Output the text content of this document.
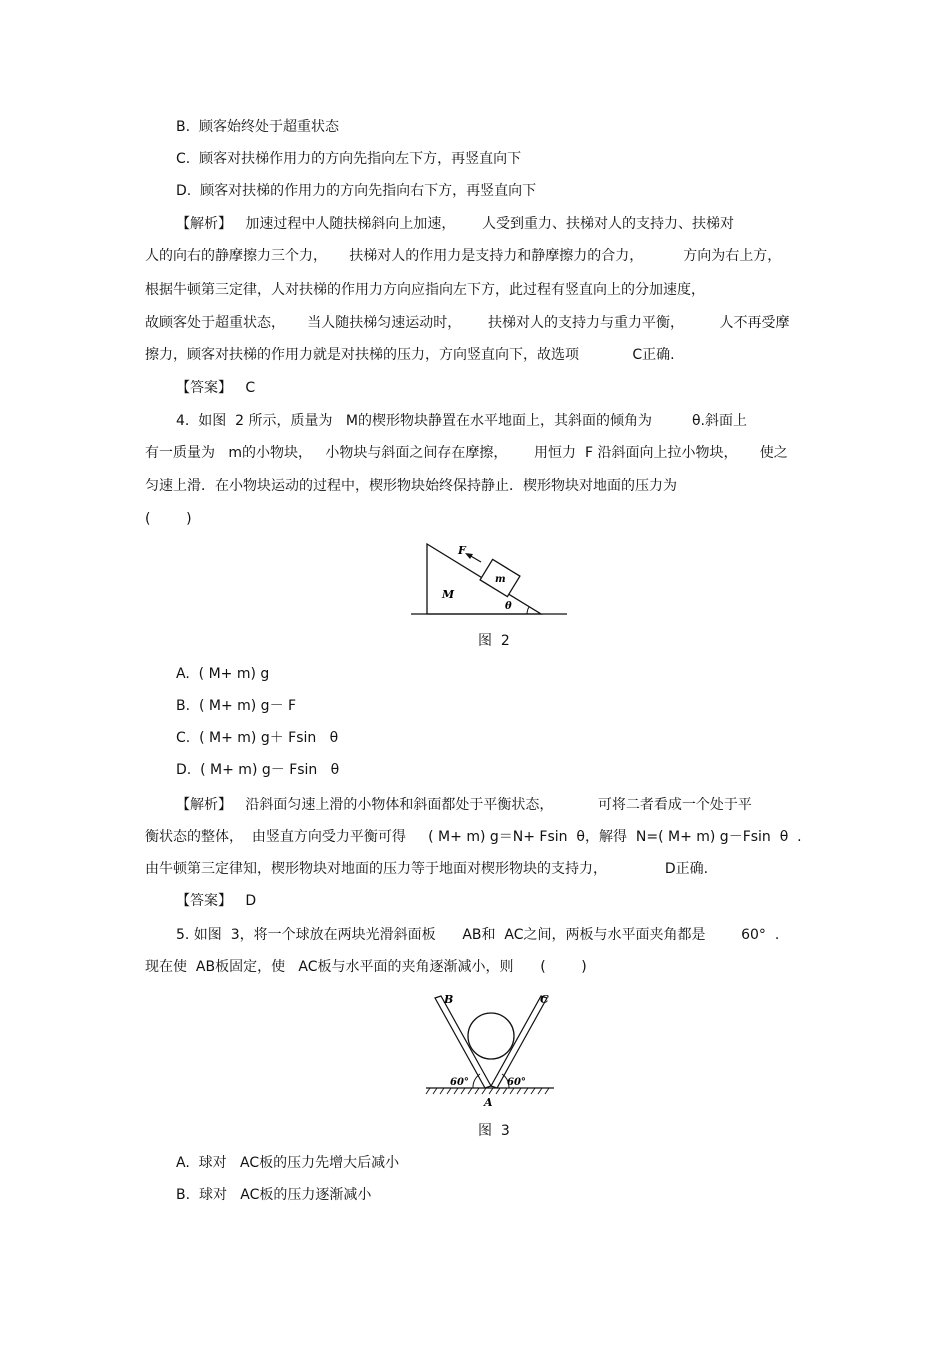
B.  顾客始终处于超重状态
C.  顾客对扶梯作用力的方向先指向左下方，再竖直向下
D.  顾客对扶梯的作用力的方向先指向右下方，再竖直向下
【解析】   加速过程中人随扶梯斜向上加速，      人受到重力、扶梯对人的支持力、扶梯对
人的向右的静摩擦力三个力，     扶梯对人的作用力是支持力和静摩擦力的合力，         方向为右上方，
根据牛顿第三定律，人对扶梯的作用力方向应指向左下方，此过程有竖直向上的分加速度，
故顾客处于超重状态，     当人随扶梯匀速运动时，      扶梯对人的支持力与重力平衡，        人不再受摩
擦力，顾客对扶梯的作用力就是对扶梯的压力，方向竖直向下，故选项            C正确.
【答案】   C
4.  如图  2 所示，质量为   M的楔形物块静置在水平地面上，其斜面的倾角为         θ.斜面上
有一质量为   m的小物块，   小物块与斜面之间存在摩擦，      用恒力  F 沿斜面向上拉小物块，     使之
匀速上滑．在小物块运动的过程中，楔形物块始终保持静止．楔形物块对地面的压力为
(        )
F
m
M
θ
图  2
A.  ( M+ m) g
B.  ( M+ m) g－ F
C.  ( M+ m) g＋ Fsin   θ
D.  ( M+ m) g－ Fsin   θ
【解析】   沿斜面匀速上滑的小物体和斜面都处于平衡状态，          可将二者看成一个处于平
衡状态的整体，  由竖直方向受力平衡可得     ( M+ m) g＝N+ Fsin  θ，解得  N=( M+ m) g－Fsin  θ  .
由牛顿第三定律知，楔形物块对地面的压力等于地面对楔形物块的支持力，             D正确.
【答案】   D
5. 如图  3，将一个球放在两块光滑斜面板      AB和  AC之间，两板与水平面夹角都是        60°  .
现在使  AB板固定，使   AC板与水平面的夹角逐渐减小，则      (        )
B	C
60°	60°
A
图  3
A.  球对   AC板的压力先增大后减小
B.  球对   AC板的压力逐渐减小
